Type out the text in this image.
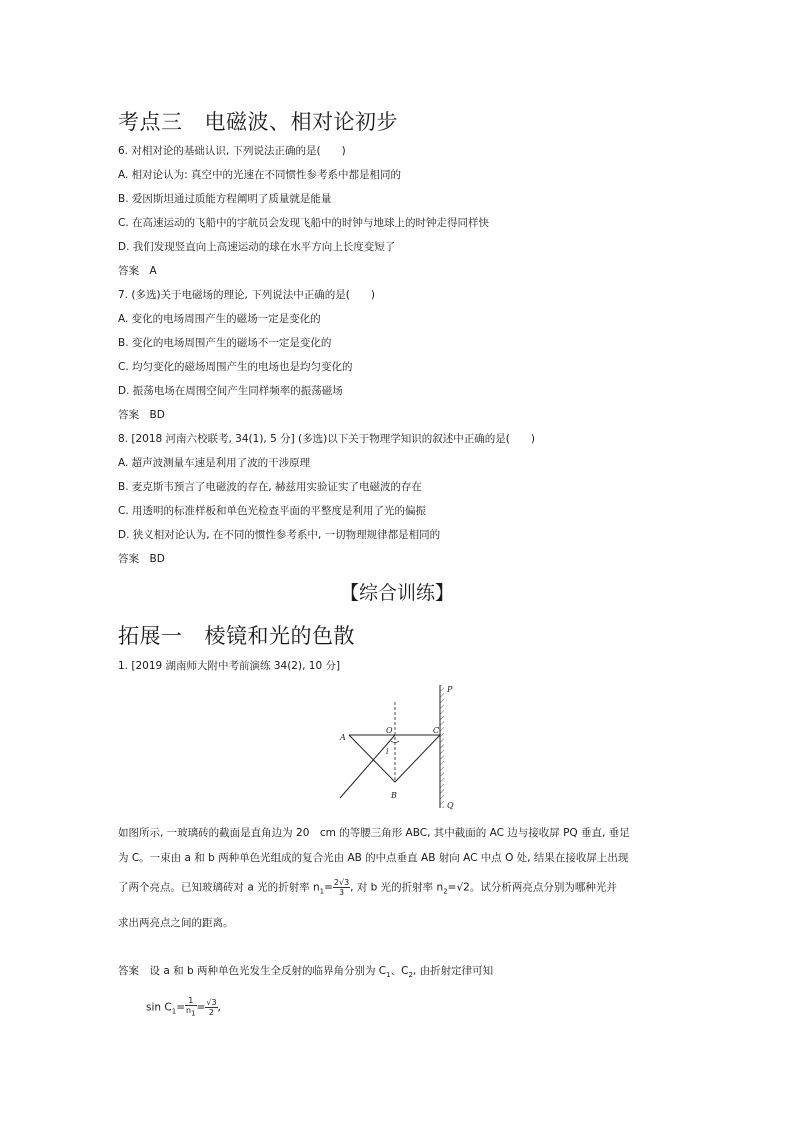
考点三 电磁波、相对论初步
6. 对相对论的基础认识, 下列说法正确的是(　　)
A. 相对论认为: 真空中的光速在不同惯性参考系中都是相同的
B. 爱因斯坦通过质能方程阐明了质量就是能量
C. 在高速运动的飞船中的宇航员会发现飞船中的时钟与地球上的时钟走得同样快
D. 我们发现竖直向上高速运动的球在水平方向上长度变短了
答案　A
7. (多选)关于电磁场的理论, 下列说法中正确的是(　　)
A. 变化的电场周围产生的磁场一定是变化的
B. 变化的电场周围产生的磁场不一定是变化的
C. 均匀变化的磁场周围产生的电场也是均匀变化的
D. 振荡电场在周围空间产生同样频率的振荡磁场
答案　BD
8. [2018 河南六校联考, 34(1), 5 分] (多选)以下关于物理学知识的叙述中正确的是(　　)
A. 超声波测量车速是利用了波的干涉原理
B. 麦克斯韦预言了电磁波的存在, 赫兹用实验证实了电磁波的存在
C. 用透明的标准样板和单色光检查平面的平整度是利用了光的偏振
D. 狭义相对论认为, 在不同的惯性参考系中, 一切物理规律都是相同的
答案　BD
【综合训练】
拓展一 棱镜和光的色散
1. [2019 湖南师大附中考前演练 34(2), 10 分]
A
O	C
B
P
Q
i
如图所示, 一玻璃砖的截面是直角边为 20　cm 的等腰三角形 ABC, 其中截面的 AC 边与接收屏 PQ 垂直, 垂足
为 C。一束由 a 和 b 两种单色光组成的复合光由 AB 的中点垂直 AB 射向 AC 中点 O 处, 结果在接收屏上出现
了两个亮点。已知玻璃砖对 a 光的折射率 $n_1= \frac{2√3}{3}$ , 对 b 光的折射率 $n_2=√2$。试分析两亮点分别为哪种光并
求出两亮点之间的距离。
答案　设 a 和 b 两种单色光发生全反射的临界角分别为 $C_1$、$C_2$, 由折射定律可知
$\sin C_1= \frac{1}{n_1} = \frac{√3}{2}$ ,
